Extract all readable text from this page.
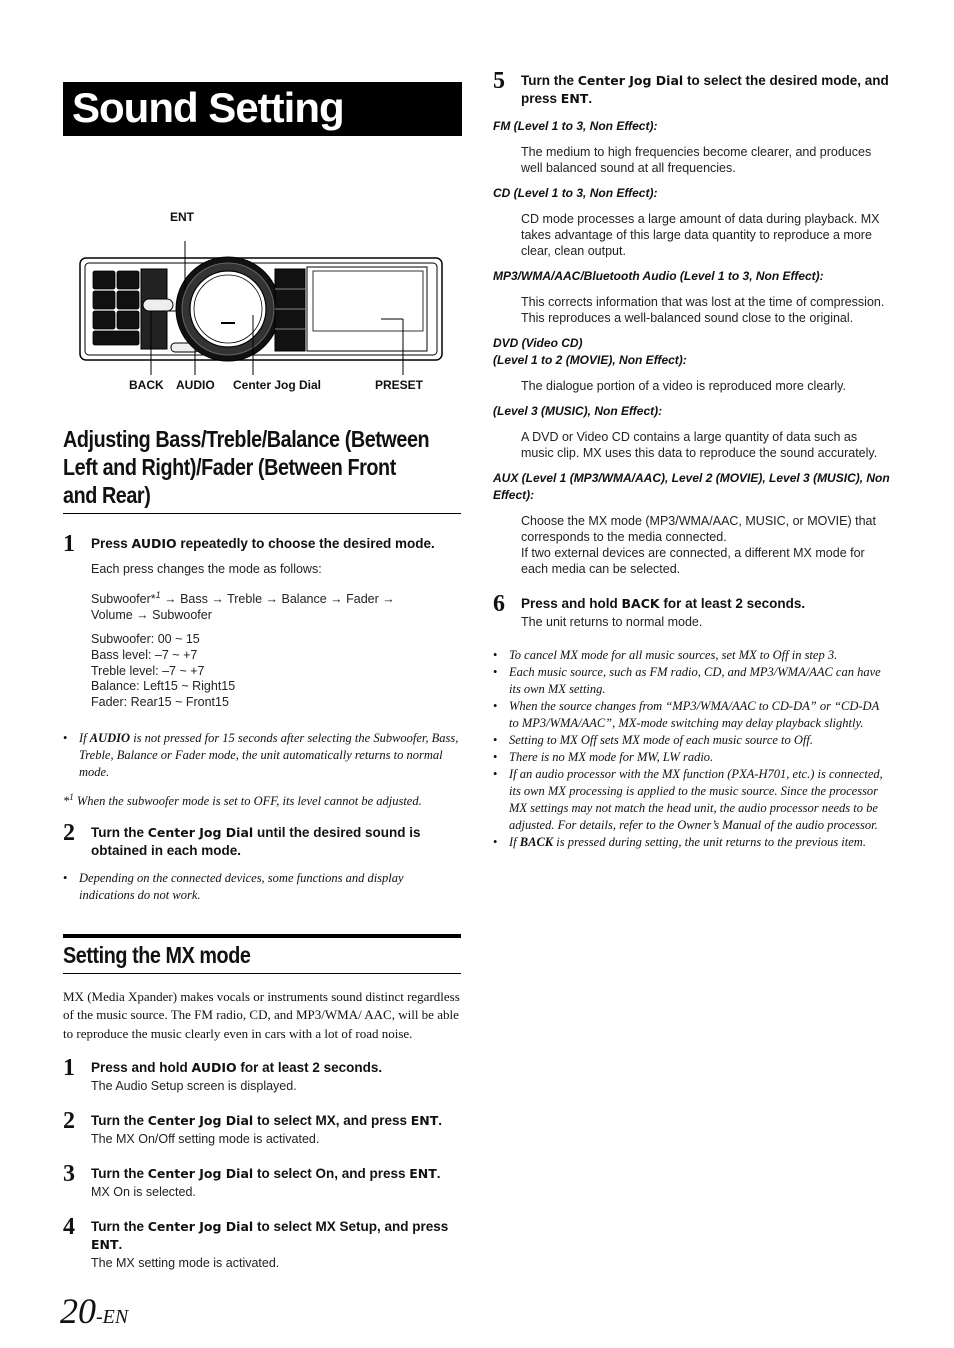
Sound Setting
ENT
BACK AUDIO Center Jog Dial	PRESET
Adjusting Bass/Treble/Balance (Between
Left and Right)/Fader (Between Front
and Rear)
1 Press AUDIO repeatedly to choose the desired mode.
Each press changes the mode as follows:
Subwoofer*$^1$ → Bass → Treble → Balance → Fader →
Volume → Subwoofer
Subwoofer: 00 ~ 15
Bass level: –7 ~ +7
Treble level: –7 ~ +7
Balance: Left15 ~ Right15
Fader: Rear15 ~ Front15
• If AUDIO is not pressed for 15 seconds after selecting the Subwoofer, Bass, Treble, Balance or Fader mode, the unit automatically returns to normal mode.
*$^1$ When the subwoofer mode is set to OFF, its level cannot be adjusted.
2 Turn the Center Jog Dial until the desired sound is obtained in each mode.
• Depending on the connected devices, some functions and display indications do not work.
Setting the MX mode
MX (Media Xpander) makes vocals or instruments sound distinct regardless of the music source. The FM radio, CD, and MP3/WMA/ AAC, will be able to reproduce the music clearly even in cars with a lot of road noise.
1 Press and hold AUDIO for at least 2 seconds.
The Audio Setup screen is displayed.
2 Turn the Center Jog Dial to select MX, and press ENT.
The MX On/Off setting mode is activated.
3 Turn the Center Jog Dial to select On, and press ENT.
MX On is selected.
4 Turn the Center Jog Dial to select MX Setup, and press ENT.
The MX setting mode is activated.
5 Turn the Center Jog Dial to select the desired mode, and press ENT.
FM (Level 1 to 3, Non Effect):
The medium to high frequencies become clearer, and produces well balanced sound at all frequencies.
CD (Level 1 to 3, Non Effect):
CD mode processes a large amount of data during playback. MX takes advantage of this large data quantity to reproduce a more clear, clean output.
MP3/WMA/AAC/Bluetooth Audio (Level 1 to 3, Non Effect):
This corrects information that was lost at the time of compression. This reproduces a well-balanced sound close to the original.
DVD (Video CD)
(Level 1 to 2 (MOVIE), Non Effect):
The dialogue portion of a video is reproduced more clearly.
(Level 3 (MUSIC), Non Effect):
A DVD or Video CD contains a large quantity of data such as music clip. MX uses this data to reproduce the sound accurately.
AUX (Level 1 (MP3/WMA/AAC), Level 2 (MOVIE), Level 3 (MUSIC), Non Effect):
Choose the MX mode (MP3/WMA/AAC, MUSIC, or MOVIE) that corresponds to the media connected.
If two external devices are connected, a different MX mode for each media can be selected.
6 Press and hold BACK for at least 2 seconds.
The unit returns to normal mode.
• To cancel MX mode for all music sources, set MX to Off in step 3.
• Each music source, such as FM radio, CD, and MP3/WMA/AAC can have its own MX setting.
• When the source changes from “MP3/WMA/AAC to CD-DA” or “CD-DA to MP3/WMA/AAC”, MX-mode switching may delay playback slightly.
• Setting to MX Off sets MX mode of each music source to Off.
• There is no MX mode for MW, LW radio.
• If an audio processor with the MX function (PXA-H701, etc.) is connected, its own MX processing is applied to the music source. Since the processor MX settings may not match the head unit, the audio processor needs to be adjusted. For details, refer to the Owner’s Manual of the audio processor.
• If BACK is pressed during setting, the unit returns to the previous item.
20-EN
